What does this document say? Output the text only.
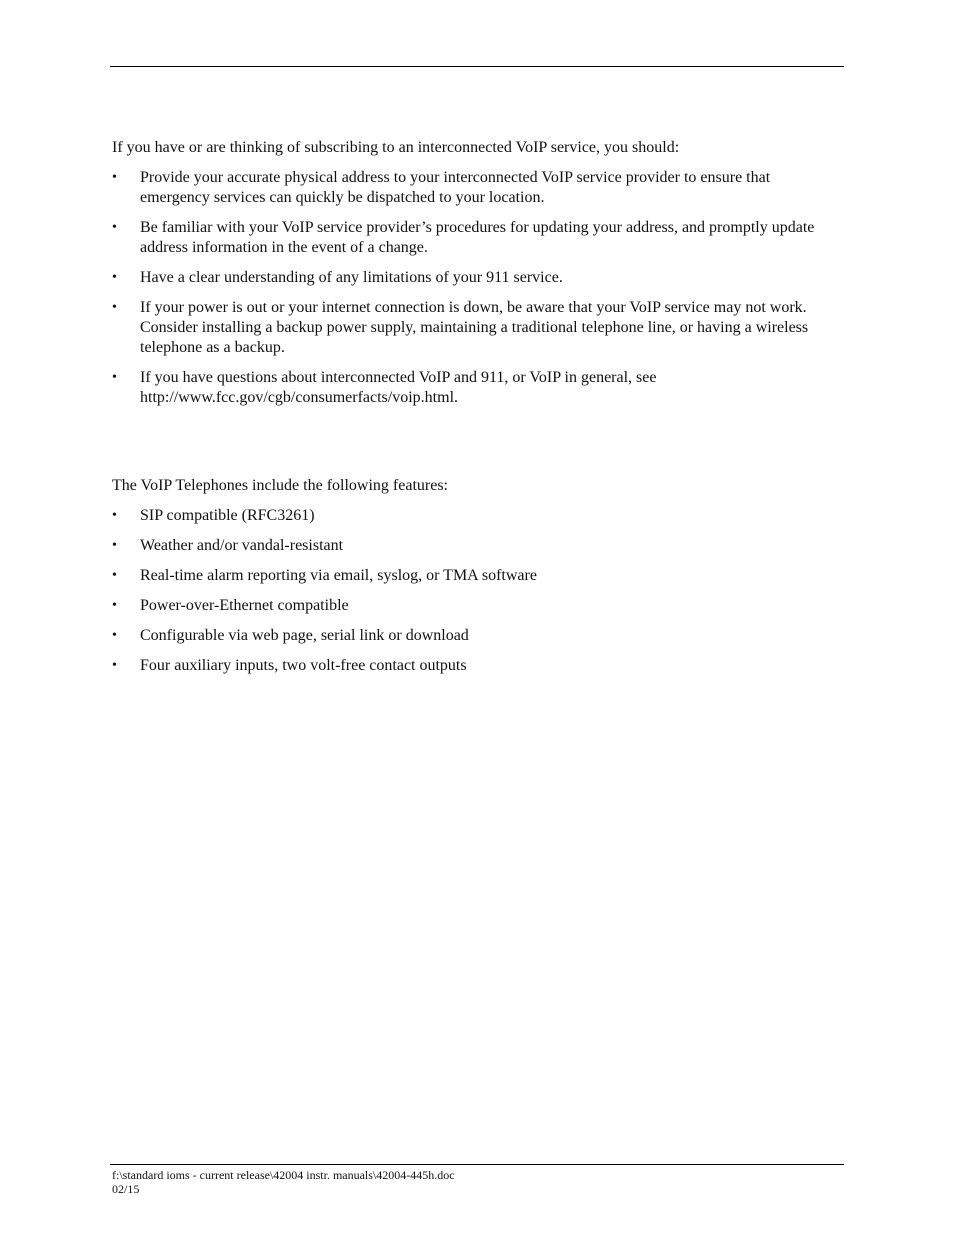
If you have or are thinking of subscribing to an interconnected VoIP service, you should:

•	Provide your accurate physical address to your interconnected VoIP service provider to ensure that emergency services can quickly be dispatched to your location.
•	Be familiar with your VoIP service provider’s procedures for updating your address, and promptly update address information in the event of a change.
•	Have a clear understanding of any limitations of your 911 service.
•	If your power is out or your internet connection is down, be aware that your VoIP service may not work. Consider installing a backup power supply, maintaining a traditional telephone line, or having a wireless telephone as a backup.
•	If you have questions about interconnected VoIP and 911, or VoIP in general, see http://www.fcc.gov/cgb/consumerfacts/voip.html.

The VoIP Telephones include the following features:

•	SIP compatible (RFC3261)
•	Weather and/or vandal-resistant
•	Real-time alarm reporting via email, syslog, or TMA software
•	Power-over-Ethernet compatible
•	Configurable via web page, serial link or download
•	Four auxiliary inputs, two volt-free contact outputs
f:\standard ioms - current release\42004 instr. manuals\42004-445h.doc
02/15
